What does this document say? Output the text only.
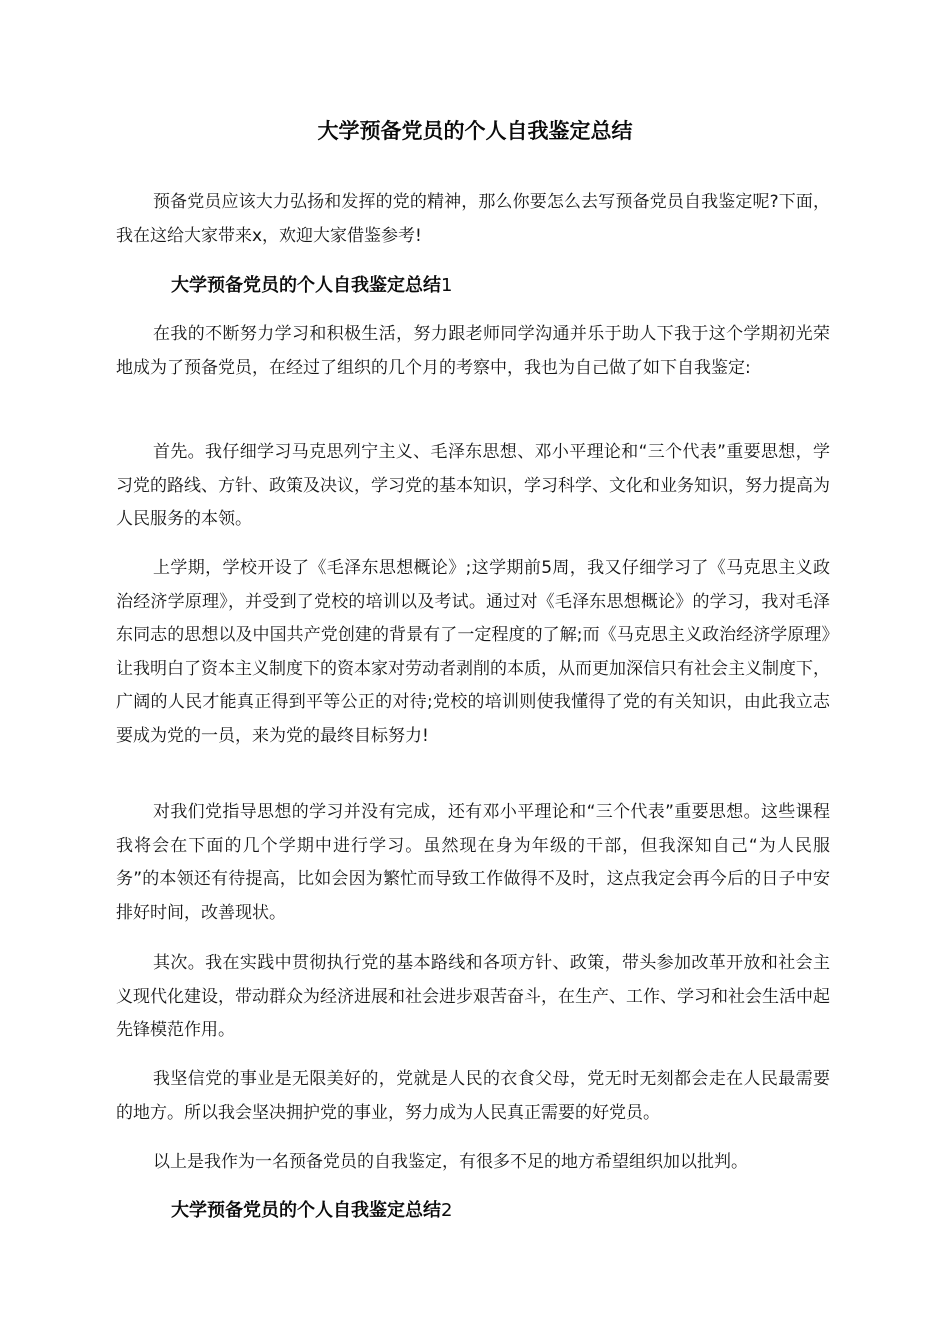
大学预备党员的个人自我鉴定总结

预备党员应该大力弘扬和发挥的党的精神，那么你要怎么去写预备党员自我鉴定呢?下面，我在这给大家带来x，欢迎大家借鉴参考!

大学预备党员的个人自我鉴定总结1

在我的不断努力学习和积极生活，努力跟老师同学沟通并乐于助人下我于这个学期初光荣地成为了预备党员，在经过了组织的几个月的考察中，我也为自己做了如下自我鉴定:

首先。我仔细学习马克思列宁主义、毛泽东思想、邓小平理论和“三个代表”重要思想，学习党的路线、方针、政策及决议，学习党的基本知识，学习科学、文化和业务知识，努力提高为人民服务的本领。

上学期，学校开设了《毛泽东思想概论》;这学期前5周，我又仔细学习了《马克思主义政治经济学原理》，并受到了党校的培训以及考试。通过对《毛泽东思想概论》的学习，我对毛泽东同志的思想以及中国共产党创建的背景有了一定程度的了解;而《马克思主义政治经济学原理》让我明白了资本主义制度下的资本家对劳动者剥削的本质，从而更加深信只有社会主义制度下，广阔的人民才能真正得到平等公正的对待;党校的培训则使我懂得了党的有关知识，由此我立志要成为党的一员，来为党的最终目标努力!

对我们党指导思想的学习并没有完成，还有邓小平理论和“三个代表”重要思想。这些课程我将会在下面的几个学期中进行学习。虽然现在身为年级的干部，但我深知自己“为人民服务”的本领还有待提高，比如会因为繁忙而导致工作做得不及时，这点我定会再今后的日子中安排好时间，改善现状。

其次。我在实践中贯彻执行党的基本路线和各项方针、政策，带头参加改革开放和社会主义现代化建设，带动群众为经济进展和社会进步艰苦奋斗，在生产、工作、学习和社会生活中起先锋模范作用。

我坚信党的事业是无限美好的，党就是人民的衣食父母，党无时无刻都会走在人民最需要的地方。所以我会坚决拥护党的事业，努力成为人民真正需要的好党员。

以上是我作为一名预备党员的自我鉴定，有很多不足的地方希望组织加以批判。

大学预备党员的个人自我鉴定总结2
